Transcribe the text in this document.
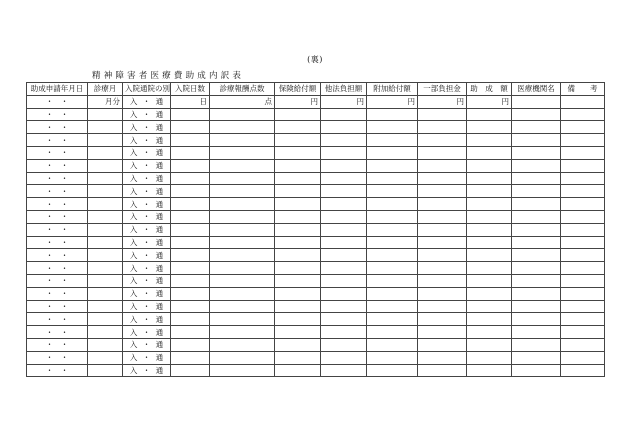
(裏)
精神障害者医療費助成内訳表
助成申請年月日	診療月	入院通院の別	入院日数	診療報酬点数	保険給付額	他法負担額	附加給付額	一部負担金	助　成　額	医療機関名	備　　考
・　・	月分	入 ・ 通	日	点	円	円	円	円	円		
・　・		入 ・ 通									
・　・		入 ・ 通									
・　・		入 ・ 通									
・　・		入 ・ 通									
・　・		入 ・ 通									
・　・		入 ・ 通									
・　・		入 ・ 通									
・　・		入 ・ 通									
・　・		入 ・ 通									
・　・		入 ・ 通									
・　・		入 ・ 通									
・　・		入 ・ 通									
・　・		入 ・ 通									
・　・		入 ・ 通									
・　・		入 ・ 通									
・　・		入 ・ 通									
・　・		入 ・ 通									
・　・		入 ・ 通									
・　・		入 ・ 通									
・　・		入 ・ 通									
・　・		入 ・ 通									
